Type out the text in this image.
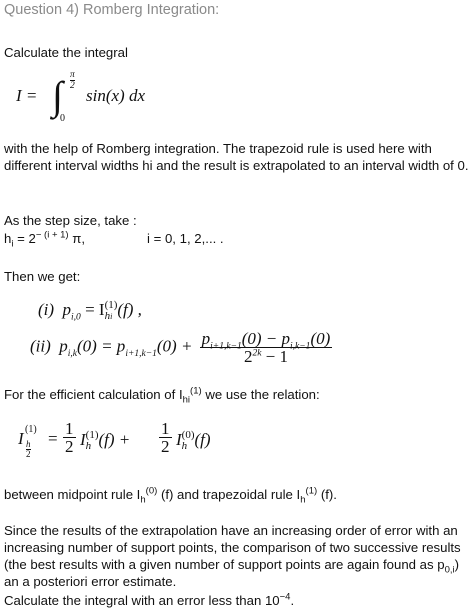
Question 4) Romberg Integration:
Calculate the integral
I = ∫ $\frac{\pi}{2}$
0
sin(x) dx
with the help of Romberg integration. The trapezoid rule is used here with different interval widths hi and the result is extrapolated to an interval width of 0.
As the step size, take :
$h_i = 2^{- (i + 1)}$ π,	i = 0, 1, 2,... .
Then we get:
(i) $p_{i,0} = I$ (1)
hi (f) ,
(ii) $p_{i,k}(0) = p_{i+1,k-1}(0) + \frac{p_{i+1,k-1}(0) - p_{i,k-1}(0)}{2^{2k} - 1}$
For the efficient calculation of $I_{hi}^{(1)}$ we use the relation:
I (1)
$\frac{h}{2}$
= $\frac{1}{2}$ I (1)
h $(f) + \frac{1}{2}$ I (0)
h (f)
between midpoint rule $I_h^{(0)}$ (f) and trapezoidal rule $I_h^{(1)}$ (f).
Since the results of the extrapolation have an increasing order of error with an increasing number of support points, the comparison of two successive results (the best results with a given number of support points are again found as $p_{0,i}$) an a posteriori error estimate.
Calculate the integral with an error less than $10^{-4}$.
